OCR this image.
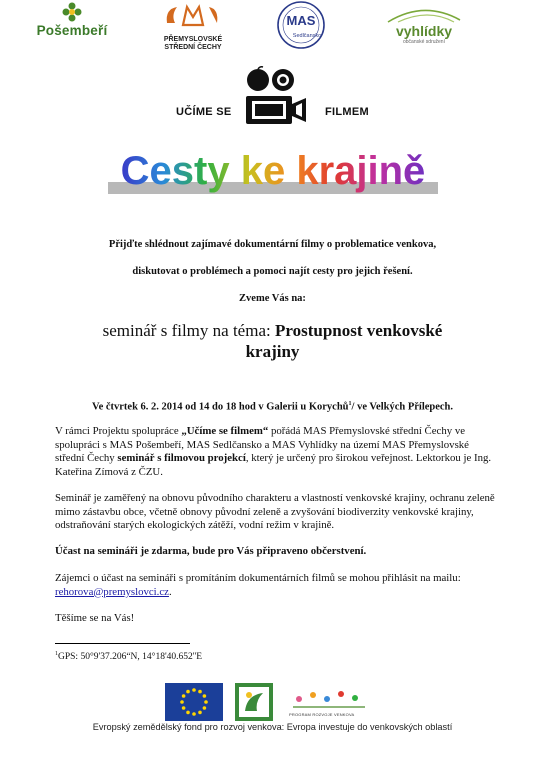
Pošembeří
PŘEMYSLOVSKÉ
STŘEDNÍ ČECHY
MAS
Sedlčansko	vyhlídky
občanské sdružení
UČÍME SE	FILMEM
Cesty ke krajině
Přijďte shlédnout zajímavé dokumentární filmy o problematice venkova,
diskutovat o problémech a pomoci najít cesty pro jejich řešení.
Zveme Vás na:
seminář s filmy na téma: Prostupnost venkovské krajiny
Ve čtvrtek 6. 2. 2014 od 14 do 18 hod v Galerii u Korychů$^1$/ ve Velkých Přílepech.
V rámci Projektu spolupráce „Učíme se filmem“ pořádá MAS Přemyslovské střední Čechy ve spolupráci s MAS Pošembeří, MAS Sedlčansko a MAS Vyhlídky na území MAS Přemyslovské střední Čechy seminář s filmovou projekcí, který je určený pro širokou veřejnost. Lektorkou je Ing. Kateřina Zímová z ČZU.
Seminář je zaměřený na obnovu původního charakteru a vlastností venkovské krajiny, ochranu zeleně mimo zástavbu obce, včetně obnovy původní zeleně a zvyšování biodiverzity venkovské krajiny, odstraňování starých ekologických zátěží, vodní režim v krajině.
Účast na semináři je zdarma, bude pro Vás připraveno občerstvení.
Zájemci o účast na semináři s promítáním dokumentárních filmů se mohou přihlásit na mailu:
rehorova@premyslovci.cz.
Těšíme se na Vás!
$^1$GPS: 50°9'37.206“N, 14°18'40.652''E
PROGRAM ROZVOJE VENKOVA
Evropský zemědělský fond pro rozvoj venkova: Evropa investuje do venkovských oblastí
